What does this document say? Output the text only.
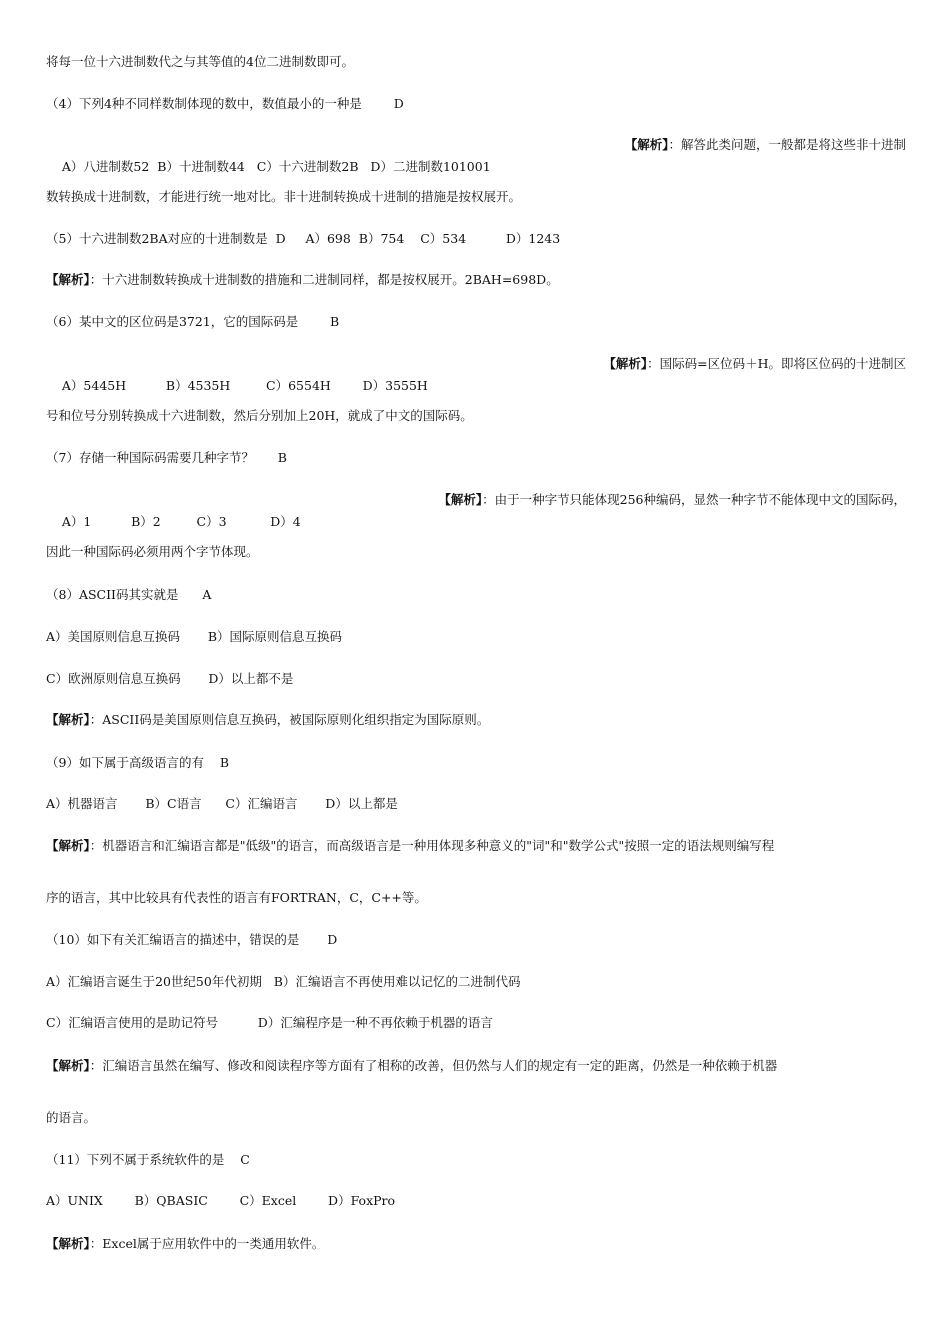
将每一位十六进制数代之与其等值的4位二进制数即可。
（4）下列4种不同样数制体现的数中，数值最小的一种是        D

A）八进制数52  B）十进制数44   C）十六进制数2B   D）二进制数101001

【解析】：解答此类问题，一般都是将这些非十进制

数转换成十进制数，才能进行统一地对比。非十进制转换成十进制的措施是按权展开。
（5）十六进制数2BA对应的十进制数是  D     A）698  B）754    C）534          D）1243
【解析】：十六进制数转换成十进制数的措施和二进制同样，都是按权展开。2BAH=698D。
（6）某中文的区位码是3721，它的国际码是        B

A）5445H          B）4535H         C）6554H        D）3555H

【解析】：国际码=区位码＋H。即将区位码的十进制区

号和位号分别转换成十六进制数，然后分别加上20H，就成了中文的国际码。
（7）存储一种国际码需要几种字节？      B

A）1          B）2         C）3           D）4

【解析】：由于一种字节只能体现256种编码，显然一种字节不能体现中文的国际码，

因此一种国际码必须用两个字节体现。
（8）ASCII码其实就是      A
A）美国原则信息互换码       B）国际原则信息互换码
C）欧洲原则信息互换码       D）以上都不是
【解析】：ASCII码是美国原则信息互换码，被国际原则化组织指定为国际原则。
（9）如下属于高级语言的有    B
A）机器语言       B）C语言      C）汇编语言       D）以上都是
【解析】：机器语言和汇编语言都是"低级"的语言，而高级语言是一种用体现多种意义的"词"和"数学公式"按照一定的语法规则编写程
序的语言，其中比较具有代表性的语言有FORTRAN，C，C++等。
（10）如下有关汇编语言的描述中，错误的是       D
A）汇编语言诞生于20世纪50年代初期   B）汇编语言不再使用难以记忆的二进制代码
C）汇编语言使用的是助记符号          D）汇编程序是一种不再依赖于机器的语言
【解析】：汇编语言虽然在编写、修改和阅读程序等方面有了相称的改善，但仍然与人们的规定有一定的距离，仍然是一种依赖于机器
的语言。
（11）下列不属于系统软件的是    C
A）UNIX        B）QBASIC        C）Excel        D）FoxPro
【解析】：Excel属于应用软件中的一类通用软件。
